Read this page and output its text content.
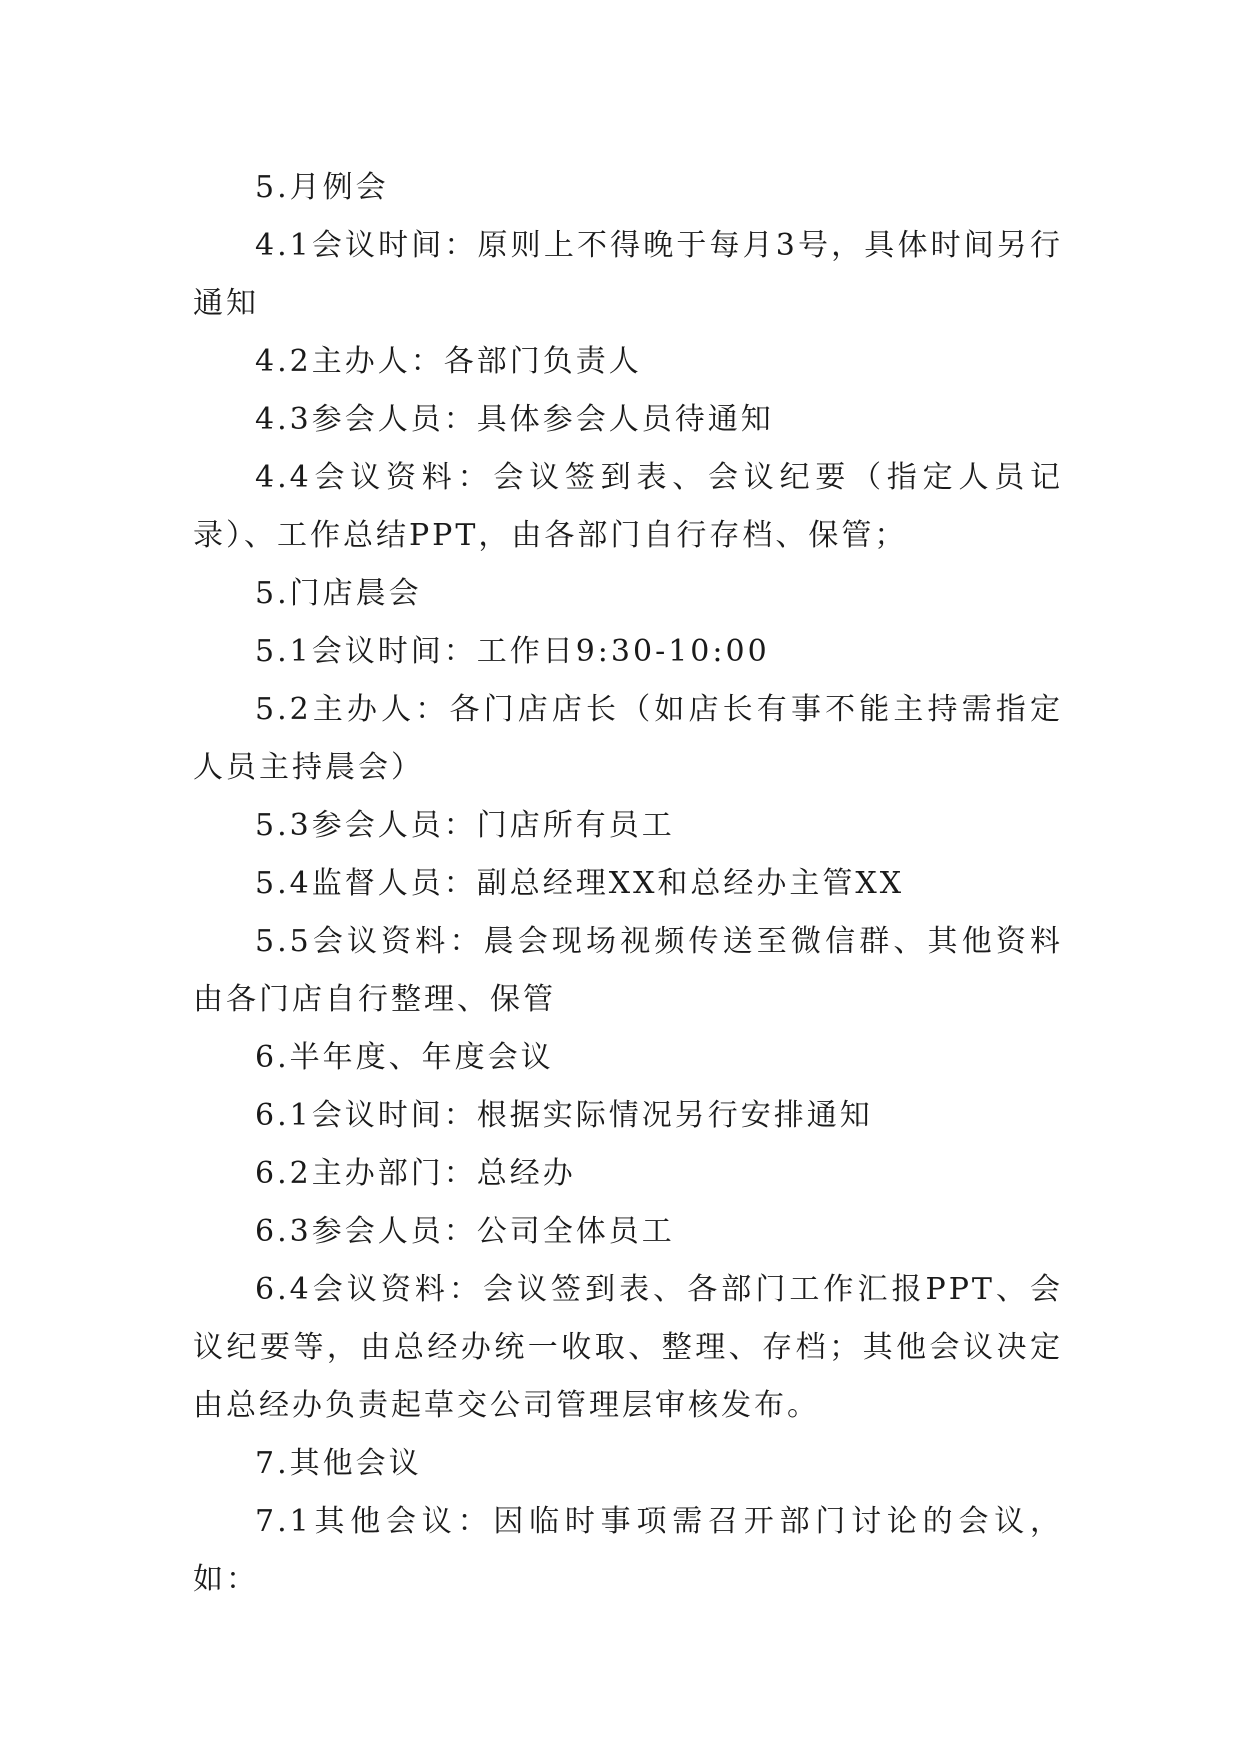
5.月例会

4.1会议时间：原则上不得晚于每月3号，具体时间另行通知

4.2主办人：各部门负责人

4.3参会人员：具体参会人员待通知

4.4会议资料：会议签到表、会议纪要（指定人员记录）、工作总结PPT，由各部门自行存档、保管；

5.门店晨会

5.1会议时间：工作日9:30-10:00

5.2主办人：各门店店长（如店长有事不能主持需指定人员主持晨会）

5.3参会人员：门店所有员工

5.4监督人员：副总经理XX和总经办主管XX

5.5会议资料：晨会现场视频传送至微信群、其他资料由各门店自行整理、保管

6.半年度、年度会议

6.1会议时间：根据实际情况另行安排通知

6.2主办部门：总经办

6.3参会人员：公司全体员工

6.4会议资料：会议签到表、各部门工作汇报PPT、会议纪要等，由总经办统一收取、整理、存档；其他会议决定由总经办负责起草交公司管理层审核发布。

7.其他会议

7.1其他会议：因临时事项需召开部门讨论的会议，如：
